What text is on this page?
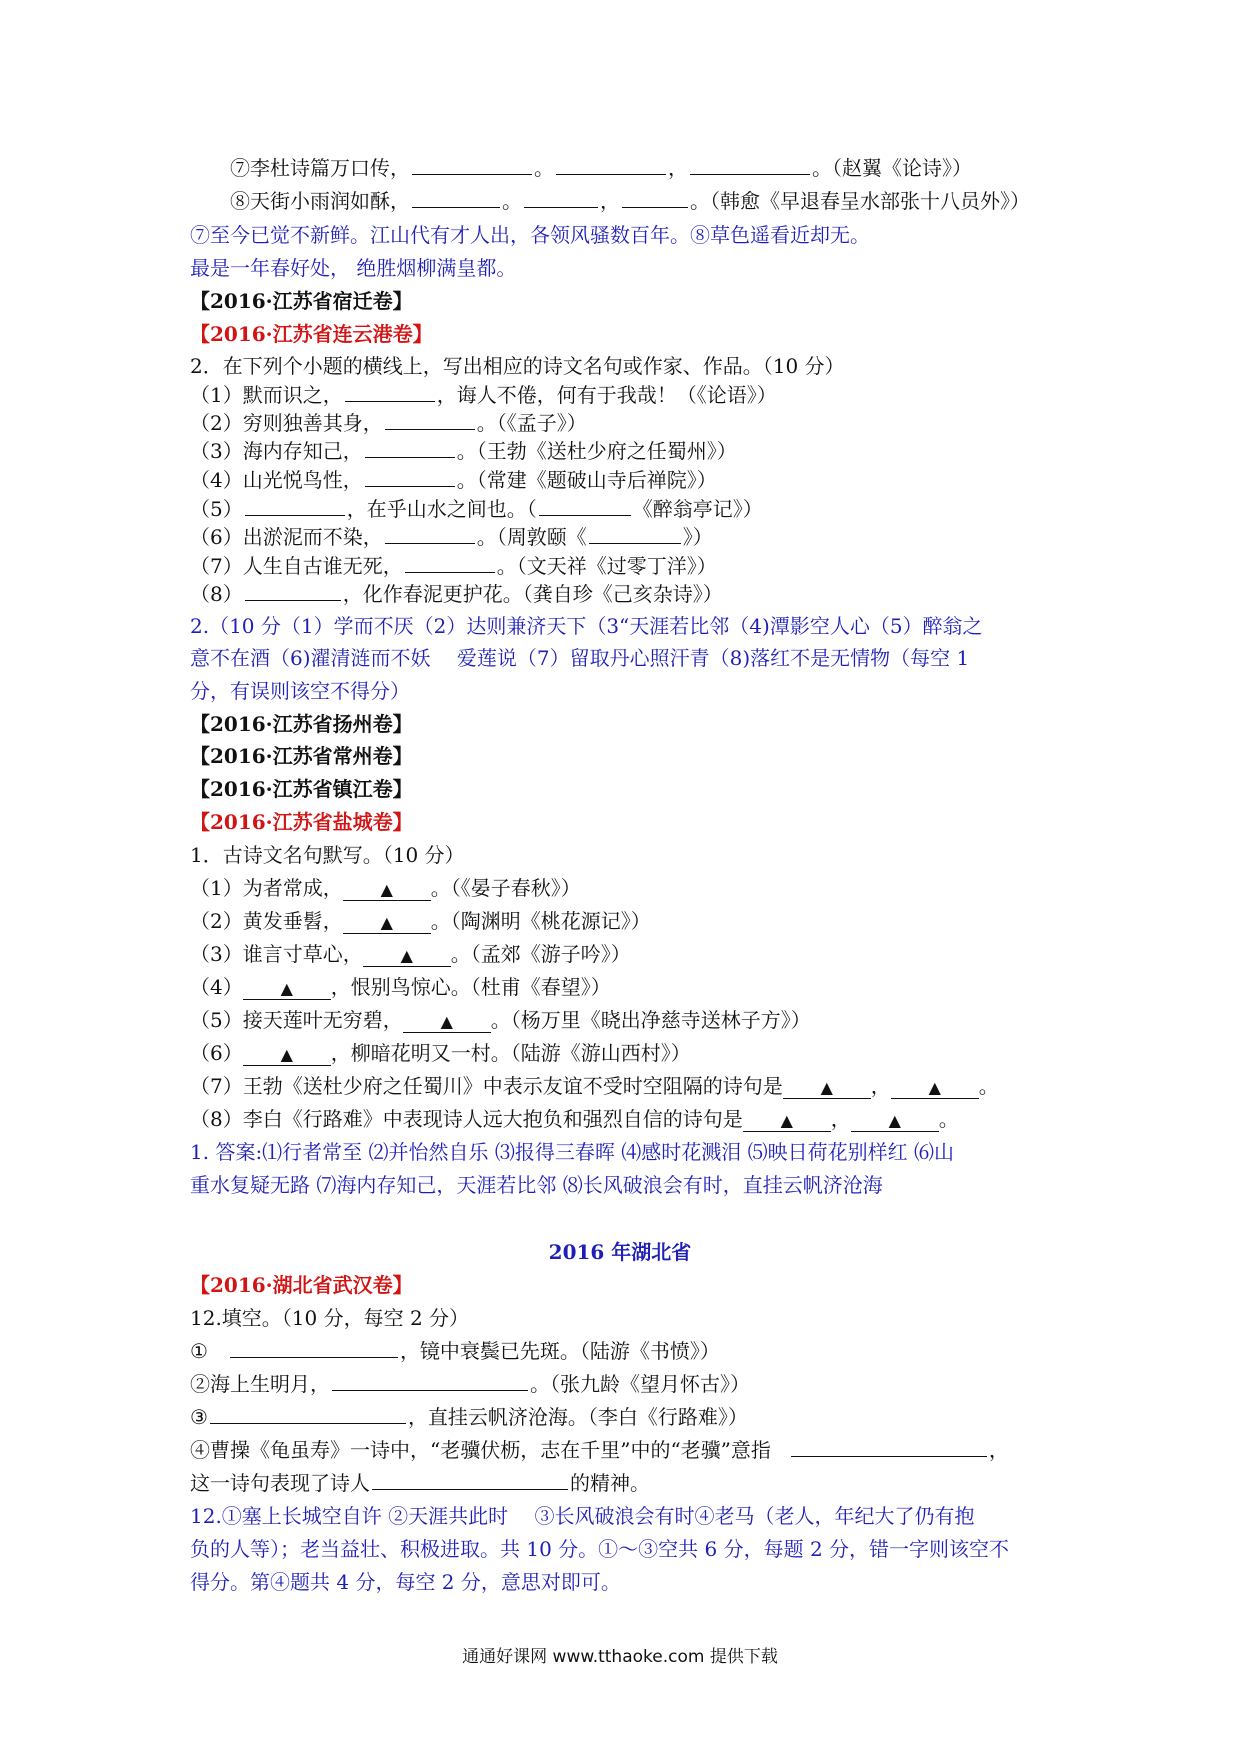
⑦李杜诗篇万口传，	。	，	。（赵翼《论诗》）
⑧天街小雨润如酥，	。	，	。（韩愈《早退春呈水部张十八员外》）
⑦至今已觉不新鲜。江山代有才人出，各领风骚数百年。⑧草色遥看近却无。
最是一年春好处， 绝胜烟柳满皇都。
【2016·江苏省宿迁卷】
【2016·江苏省连云港卷】
2．在下列个小题的横线上，写出相应的诗文名句或作家、作品。（10 分）
（1）默而识之，	，诲人不倦，何有于我哉！（《论语》）
（2）穷则独善其身，	。（《孟子》）
（3）海内存知己，	。（王勃《送杜少府之任蜀州》）
（4）山光悦鸟性，	。（常建《题破山寺后禅院》）
（5）	，在乎山水之间也。（	《醉翁亭记》）
（6）出淤泥而不染，	。（周敦颐《	》）
（7）人生自古谁无死，	。（文天祥《过零丁洋》）
（8）	，化作春泥更护花。（龚自珍《己亥杂诗》）
2.（10 分（1）学而不厌（2）达则兼济天下（3“天涯若比邻（4)潭影空人心（5）醉翁之
意不在酒（6)濯清涟而不妖　 爱莲说（7）留取丹心照汗青（8)落红不是无情物（每空 1
分，有误则该空不得分）
【2016·江苏省扬州卷】
【2016·江苏省常州卷】
【2016·江苏省镇江卷】
【2016·江苏省盐城卷】
1．古诗文名句默写。（10 分）
（1）为者常成， ▲ 。（《晏子春秋》）
（2）黄发垂髫， ▲ 。（陶渊明《桃花源记》）
（3）谁言寸草心， ▲ 。（孟郊《游子吟》）
（4） ▲ ，恨别鸟惊心。（杜甫《春望》）
（5）接天莲叶无穷碧， ▲ 。（杨万里《晓出净慈寺送林子方》）
（6） ▲ ，柳暗花明又一村。（陆游《游山西村》）
（7）王勃《送杜少府之任蜀川》中表示友谊不受时空阻隔的诗句是 ▲ ， ▲ 。
（8）李白《行路难》中表现诗人远大抱负和强烈自信的诗句是 ▲ ， ▲ 。
1. 答案:⑴行者常至 ⑵并怡然自乐 ⑶报得三春晖 ⑷感时花溅泪 ⑸映日荷花别样红 ⑹山
重水复疑无路 ⑺海内存知己，天涯若比邻 ⑻长风破浪会有时，直挂云帆济沧海
2016 年湖北省
【2016·湖北省武汉卷】
12.填空。（10 分，每空 2 分）
①	，镜中衰鬓已先斑。（陆游《书愤》）
②海上生明月，	。（张九龄《望月怀古》）
③	，直挂云帆济沧海。（李白《行路难》）
④曹操《龟虽寿》一诗中，“老骥伏枥，志在千里”中的“老骥”意指	，
这一诗句表现了诗人	的精神。
12.①塞上长城空自许 ②天涯共此时　 ③长风破浪会有时④老马（老人，年纪大了仍有抱
负的人等）；老当益壮、积极进取。共 10 分。①～③空共 6 分，每题 2 分，错一字则该空不
得分。第④题共 4 分，每空 2 分，意思对即可。
通通好课网 www.tthaoke.com 提供下载
